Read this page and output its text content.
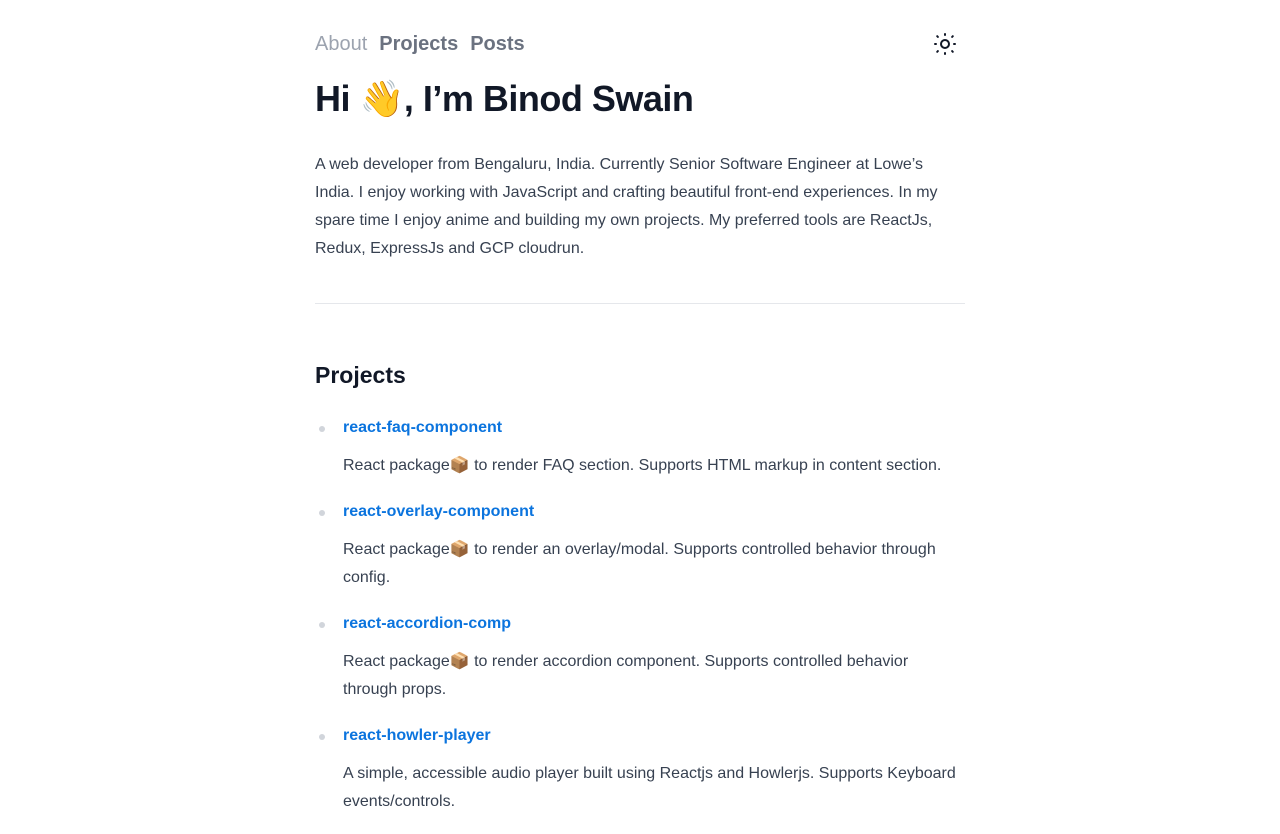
About Projects Posts
Hi 👋, I’m Binod Swain

A web developer from Bengaluru, India. Currently Senior Software Engineer at Lowe’s India. I enjoy working with JavaScript and crafting beautiful front-end experiences. In my spare time I enjoy anime and building my own projects. My preferred tools are ReactJs, Redux, ExpressJs and GCP cloudrun.

Projects
react-faq-component

React package📦 to render FAQ section. Supports HTML markup in content section.

react-overlay-component

React package📦 to render an overlay/modal. Supports controlled behavior through config.

react-accordion-comp

React package📦 to render accordion component. Supports controlled behavior through props.

react-howler-player

A simple, accessible audio player built using Reactjs and Howlerjs. Supports Keyboard events/controls.
